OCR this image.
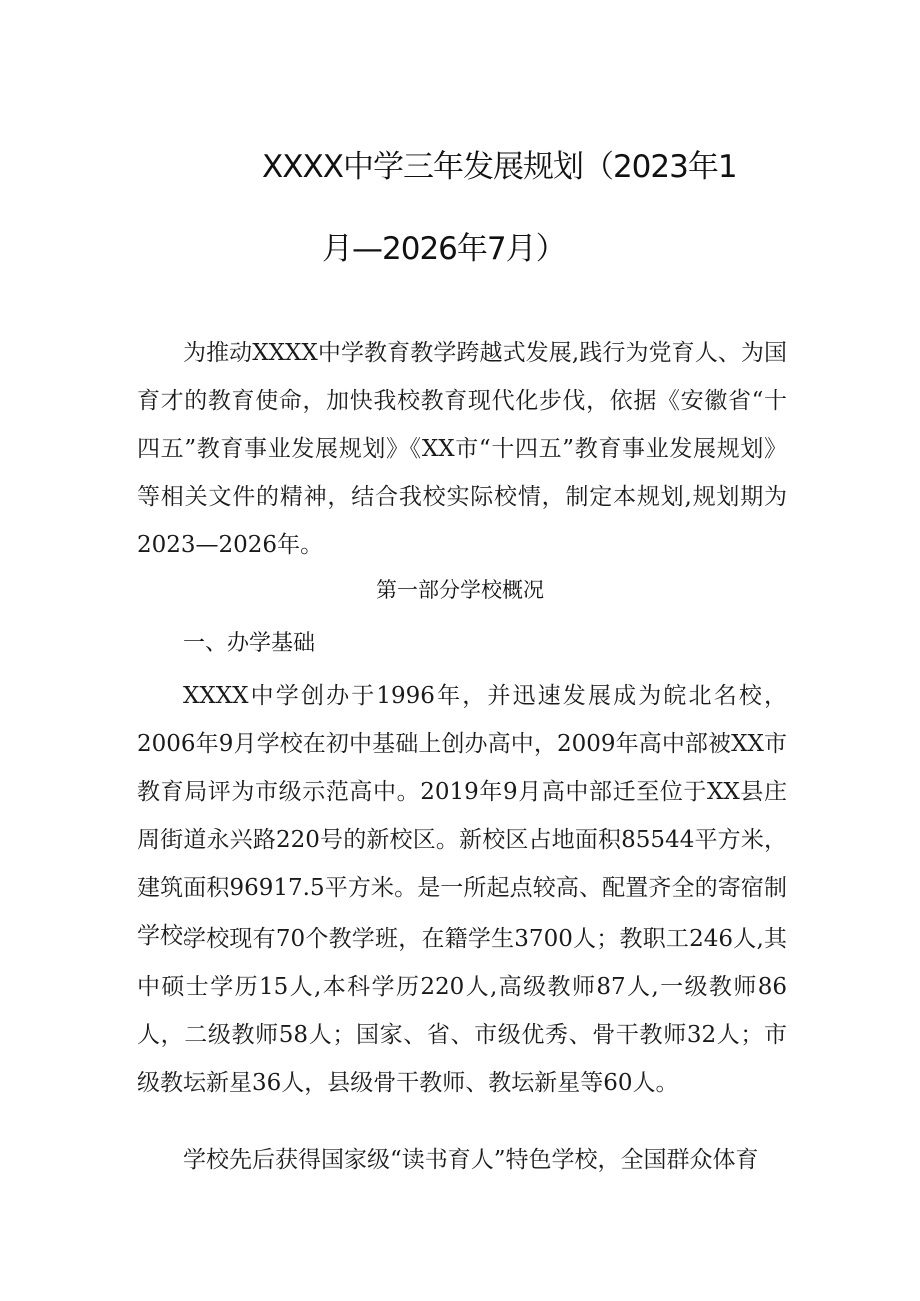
XXXX中学三年发展规划（2023年1
月—2026年7月）

为推动XXXX中学教育教学跨越式发展,践行为党育人、为国育才的教育使命，加快我校教育现代化步伐，依据《安徽省“十四五”教育事业发展规划》《XX市“十四五”教育事业发展规划》等相关文件的精神，结合我校实际校情，制定本规划,规划期为2023—2026年。

第一部分学校概况
一、办学基础

XXXX中学创办于1996年，并迅速发展成为皖北名校，2006年9月学校在初中基础上创办高中，2009年高中部被XX市教育局评为市级示范高中。2019年9月高中部迁至位于XX县庄周街道永兴路220号的新校区。新校区占地面积85544平方米，建筑面积96917.5平方米。是一所起点较高、配置齐全的寄宿制学校。

学校现有70个教学班，在籍学生3700人；教职工246人,其中硕士学历15人,本科学历220人,高级教师87人,一级教师86人，二级教师58人；国家、省、市级优秀、骨干教师32人；市级教坛新星36人，县级骨干教师、教坛新星等60人。

学校先后获得国家级“读书育人”特色学校，全国群众体育
